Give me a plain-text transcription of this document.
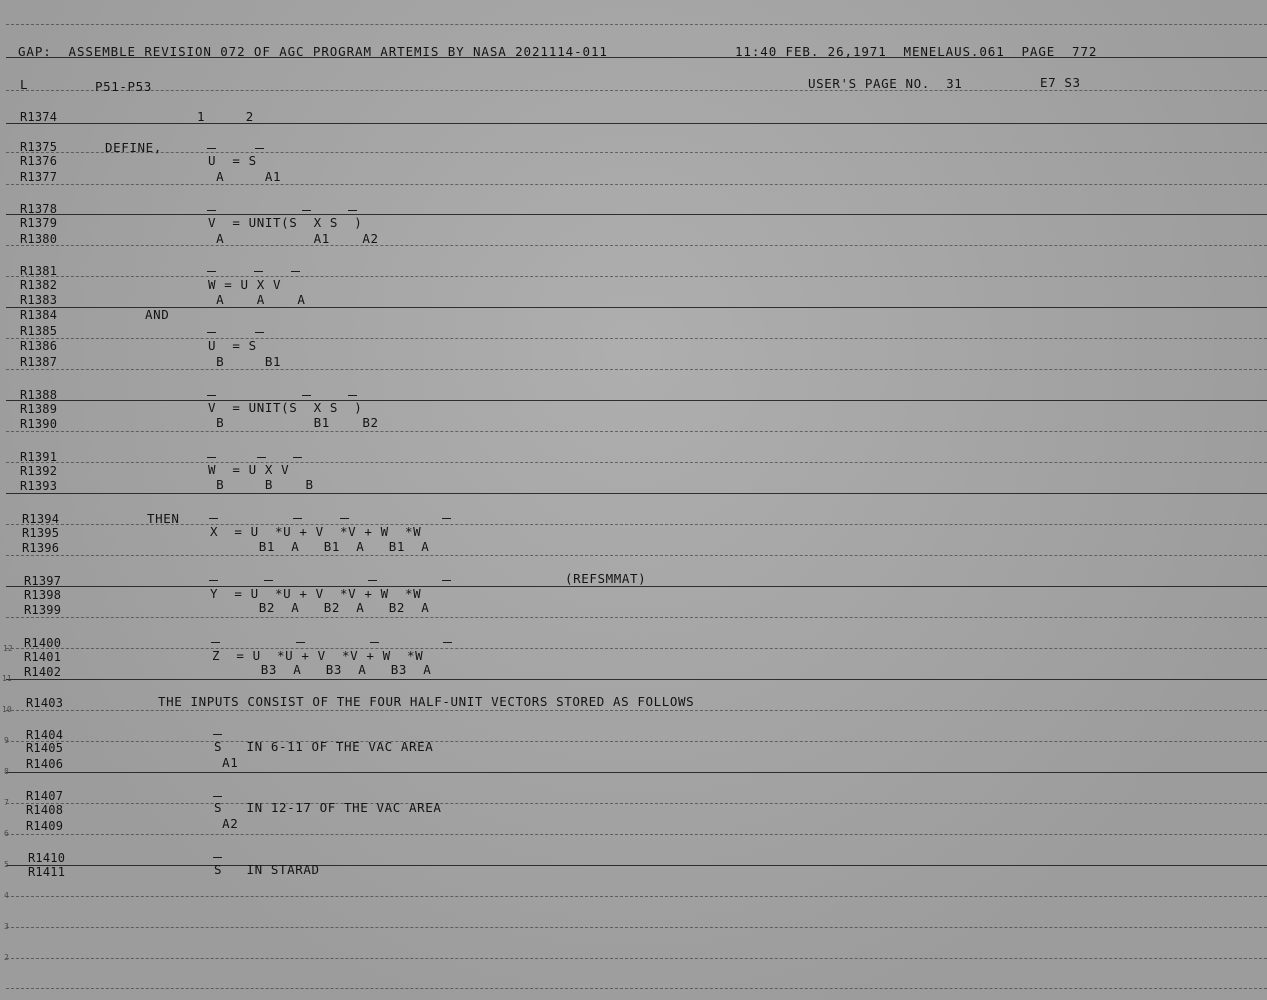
GAP:  ASSEMBLE REVISION 072 OF AGC PROGRAM ARTEMIS BY NASA 2021114-011	11:40 FEB. 26,1971  MENELAUS.061  PAGE  772
L	P51-P53	USER'S PAGE NO.  31	E7 S3
R1374	1     2
R1375	DEFINE,
R1376	U  = S
R1377	A     A1
R1378
R1379	V  = UNIT(S  X S  )
R1380	A           A1    A2
R1381
R1382	W = U X V
R1383	A    A    A
R1384	AND
R1385
R1386	U  = S
R1387	B     B1
R1388
R1389	V  = UNIT(S  X S  )
R1390	B           B1    B2
R1391
R1392	W  = U X V
R1393	B     B    B
R1394	THEN
R1395	X  = U  *U + V  *V + W  *W
R1396	B1  A   B1  A   B1  A
R1397	(REFSMMAT)
R1398	Y  = U  *U + V  *V + W  *W
R1399	B2  A   B2  A   B2  A
R1400
R1401	Z  = U  *U + V  *V + W  *W
R1402	B3  A   B3  A   B3  A
R1403	THE INPUTS CONSIST OF THE FOUR HALF-UNIT VECTORS STORED AS FOLLOWS
R1404
R1405	S   IN 6-11 OF THE VAC AREA
R1406	A1
R1407
R1408	S   IN 12-17 OF THE VAC AREA
R1409	A2
R1410
R1411	S   IN STARAD
12
11
10
9
8
7
6
5
4
3
2
